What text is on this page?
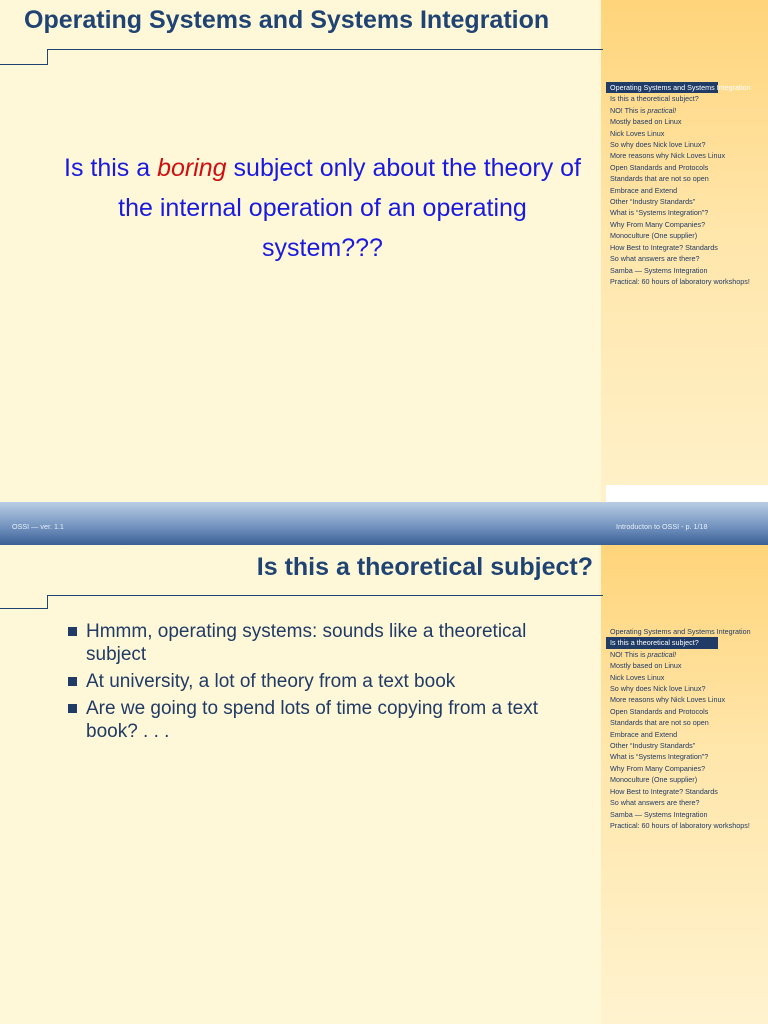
Operating Systems and Systems Integration
Operating Systems and Systems Integration
Is this a theoretical subject?
NO! This is practical!
Mostly based on Linux
Nick Loves Linux
So why does Nick love Linux?
More reasons why Nick Loves Linux
Open Standards and Protocols
Standards that are not so open
Embrace and Extend
Other “Industry Standards”
What is “Systems Integration”?
Why From Many Companies?
Monoculture (One supplier)
How Best to Integrate? Standards
So what answers are there?
Samba — Systems Integration
Practical: 60 hours of laboratory workshops!
Is this a boring subject only about the theory of the internal operation of an operating system???
OSSI — ver. 1.1	Introducton to OSSI - p. 1/18
Is this a theoretical subject?
Hmmm, operating systems: sounds like a theoretical subject
At university, a lot of theory from a text book
Are we going to spend lots of time copying from a text book? . . .
Operating Systems and Systems Integration
Is this a theoretical subject?
NO! This is practical!
Mostly based on Linux
Nick Loves Linux
So why does Nick love Linux?
More reasons why Nick Loves Linux
Open Standards and Protocols
Standards that are not so open
Embrace and Extend
Other “Industry Standards”
What is “Systems Integration”?
Why From Many Companies?
Monoculture (One supplier)
How Best to Integrate? Standards
So what answers are there?
Samba — Systems Integration
Practical: 60 hours of laboratory workshops!
